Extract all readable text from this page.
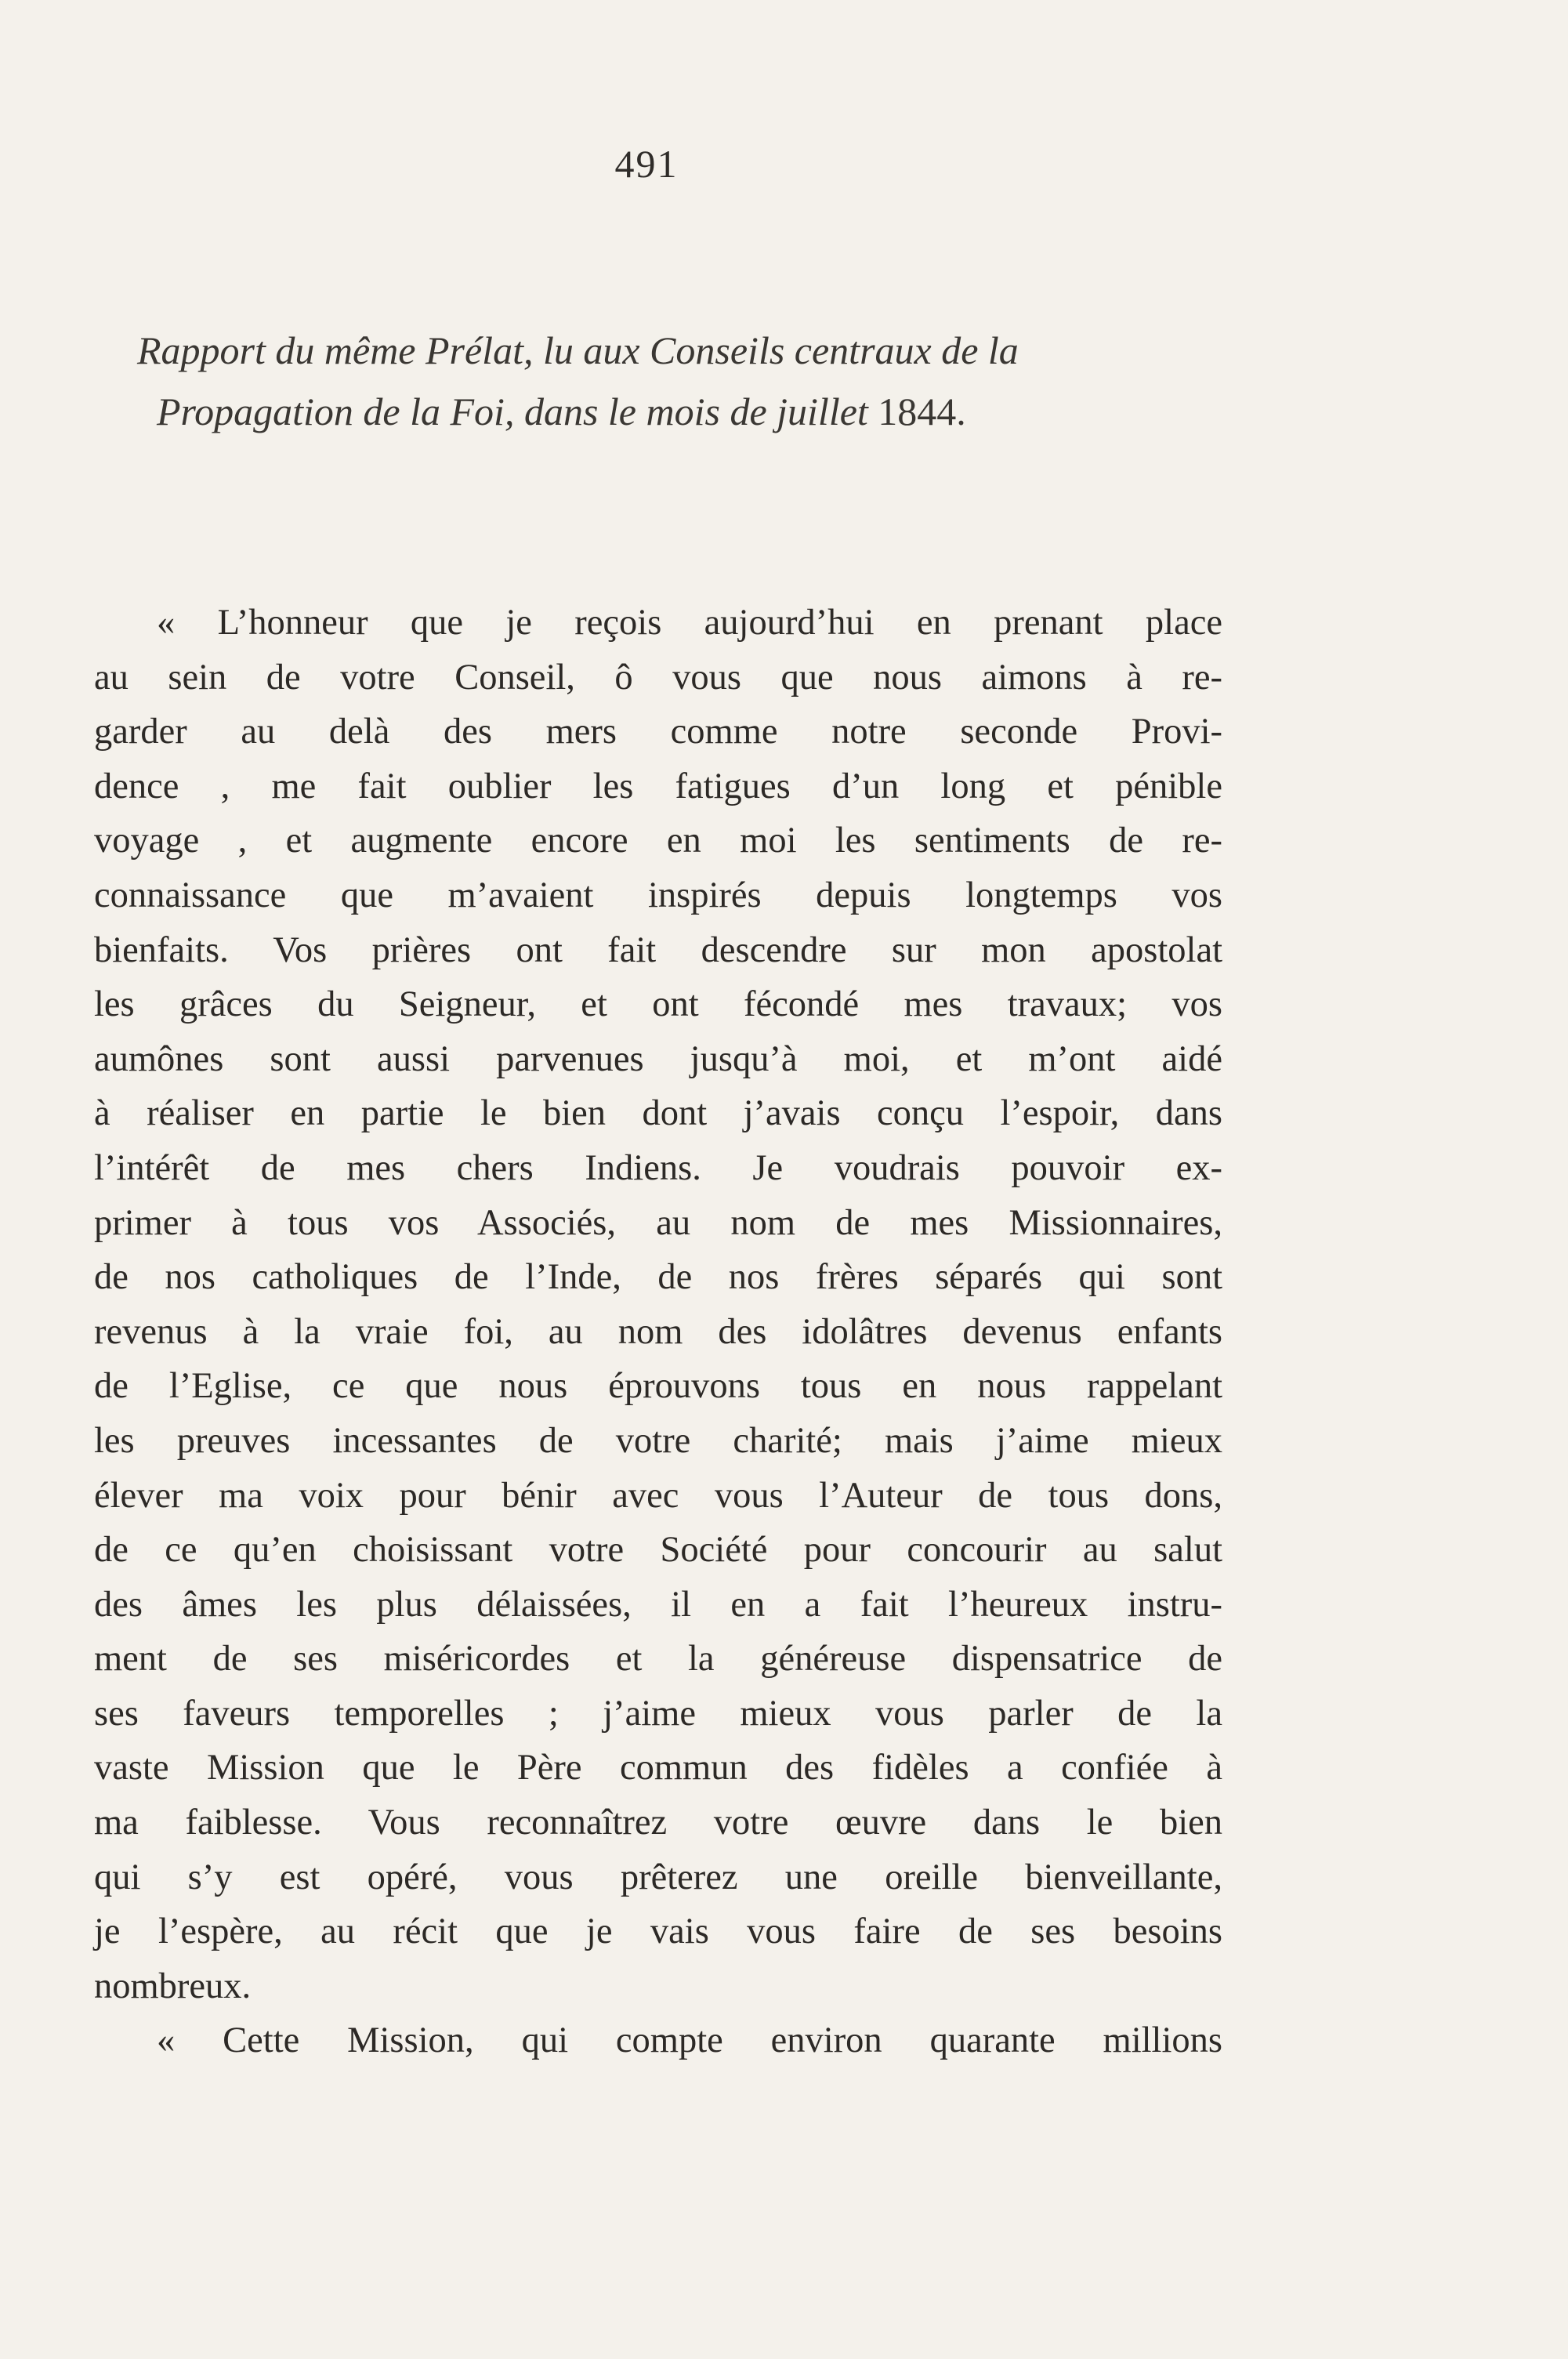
491
Rapport du même Prélat, lu aux Conseils centraux de la
Propagation de la Foi, dans le mois de juillet 1844.
« L’honneur que je reçois aujourd’hui en prenant place
au sein de votre Conseil, ô vous que nous aimons à re-
garder au delà des mers comme notre seconde Provi-
dence , me fait oublier les fatigues d’un long et pénible
voyage , et augmente encore en moi les sentiments de re-
connaissance que m’avaient inspirés depuis longtemps vos
bienfaits. Vos prières ont fait descendre sur mon apostolat
les grâces du Seigneur, et ont fécondé mes travaux; vos
aumônes sont aussi parvenues jusqu’à moi, et m’ont aidé
à réaliser en partie le bien dont j’avais conçu l’espoir, dans
l’intérêt de mes chers Indiens. Je voudrais pouvoir ex-
primer à tous vos Associés, au nom de mes Missionnaires,
de nos catholiques de l’Inde, de nos frères séparés qui sont
revenus à la vraie foi, au nom des idolâtres devenus enfants
de l’Eglise, ce que nous éprouvons tous en nous rappelant
les preuves incessantes de votre charité; mais j’aime mieux
élever ma voix pour bénir avec vous l’Auteur de tous dons,
de ce qu’en choisissant votre Société pour concourir au salut
des âmes les plus délaissées, il en a fait l’heureux instru-
ment de ses miséricordes et la généreuse dispensatrice de
ses faveurs temporelles ; j’aime mieux vous parler de la
vaste Mission que le Père commun des fidèles a confiée à
ma faiblesse. Vous reconnaîtrez votre œuvre dans le bien
qui s’y est opéré, vous prêterez une oreille bienveillante,
je l’espère, au récit que je vais vous faire de ses besoins
nombreux.
« Cette Mission, qui compte environ quarante millions
